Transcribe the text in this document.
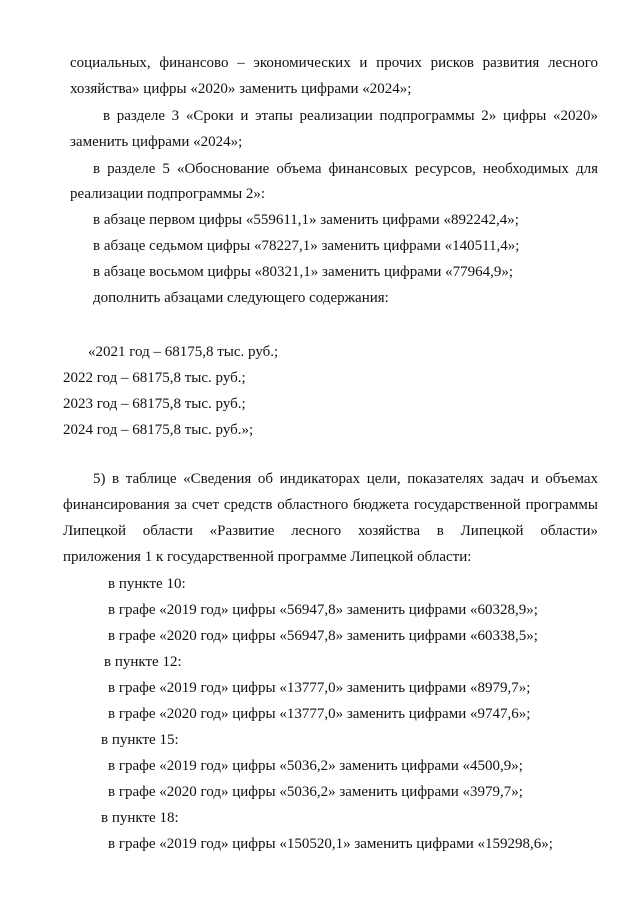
социальных, финансово – экономических и прочих рисков развития лесного
хозяйства» цифры «2020» заменить цифрами «2024»;
в разделе 3 «Сроки и этапы реализации подпрограммы 2» цифры «2020»
заменить цифрами «2024»;
в разделе 5 «Обоснование объема финансовых ресурсов, необходимых для
реализации подпрограммы 2»:
в абзаце первом цифры «559611,1» заменить цифрами «892242,4»;
в абзаце седьмом цифры «78227,1» заменить цифрами «140511,4»;
в абзаце восьмом цифры «80321,1» заменить цифрами «77964,9»;
дополнить абзацами следующего содержания:
«2021 год – 68175,8 тыс. руб.;
2022 год – 68175,8 тыс. руб.;
2023 год – 68175,8 тыс. руб.;
2024 год – 68175,8 тыс. руб.»;
5) в таблице «Сведения об индикаторах цели, показателях задач и объемах
финансирования за счет средств областного бюджета государственной программы
Липецкой области «Развитие лесного хозяйства в Липецкой области»
приложения 1 к государственной программе Липецкой области:
в пункте 10:
в графе «2019 год» цифры «56947,8» заменить цифрами «60328,9»;
в графе «2020 год» цифры «56947,8» заменить цифрами «60338,5»;
в пункте 12:
в графе «2019 год» цифры «13777,0» заменить цифрами «8979,7»;
в графе «2020 год» цифры «13777,0» заменить цифрами «9747,6»;
в пункте 15:
в графе «2019 год» цифры «5036,2» заменить цифрами «4500,9»;
в графе «2020 год» цифры «5036,2» заменить цифрами «3979,7»;
в пункте 18:
в графе «2019 год» цифры «150520,1» заменить цифрами «159298,6»;
